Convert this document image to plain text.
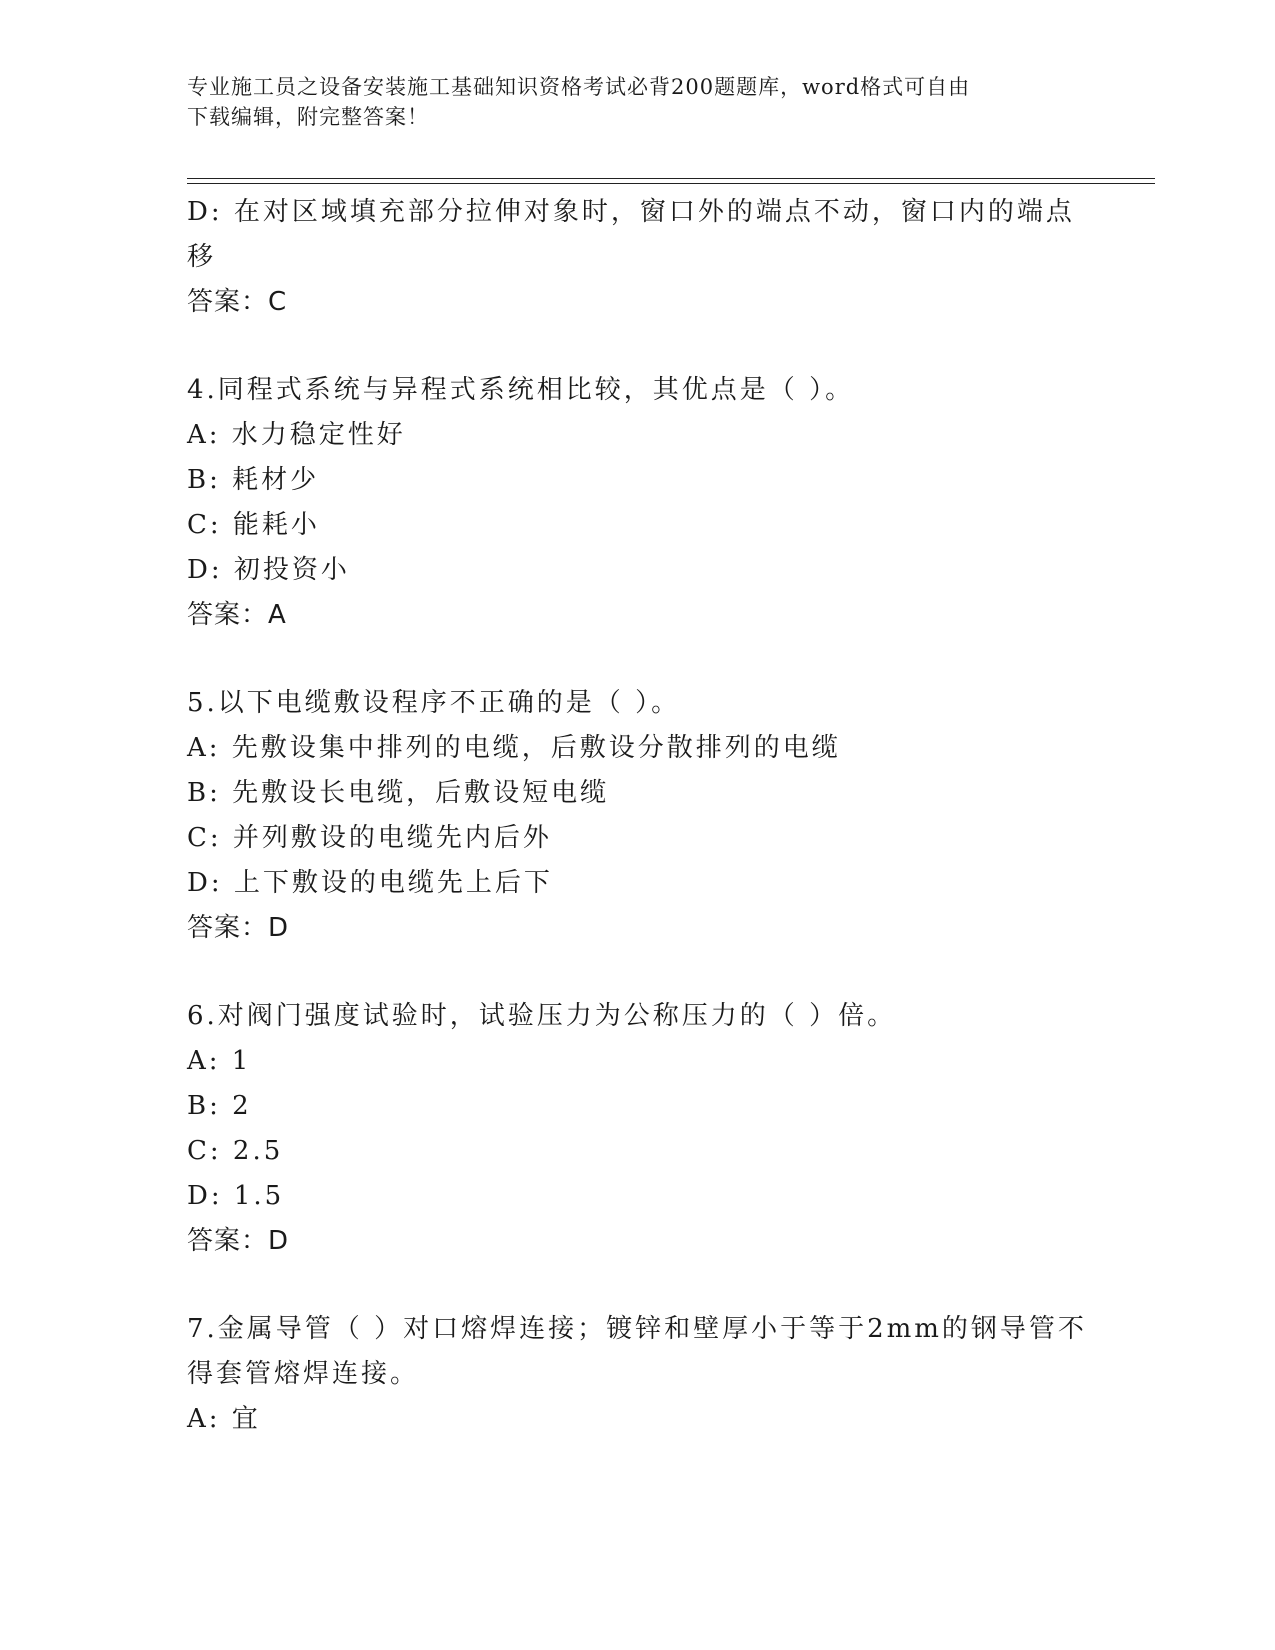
专业施工员之设备安装施工基础知识资格考试必背200题题库，word格式可自由
下载编辑，附完整答案！
D: 在对区域填充部分拉伸对象时，窗口外的端点不动，窗口内的端点
移
答案：C
4.同程式系统与异程式系统相比较，其优点是（ ）。
A: 水力稳定性好
B: 耗材少
C: 能耗小
D: 初投资小
答案：A
5.以下电缆敷设程序不正确的是（ ）。
A: 先敷设集中排列的电缆，后敷设分散排列的电缆
B: 先敷设长电缆，后敷设短电缆
C: 并列敷设的电缆先内后外
D: 上下敷设的电缆先上后下
答案：D
6.对阀门强度试验时，试验压力为公称压力的（ ）倍。
A: 1
B: 2
C: 2.5
D: 1.5
答案：D
7.金属导管（ ）对口熔焊连接；镀锌和壁厚小于等于2mm的钢导管不
得套管熔焊连接。
A: 宜
